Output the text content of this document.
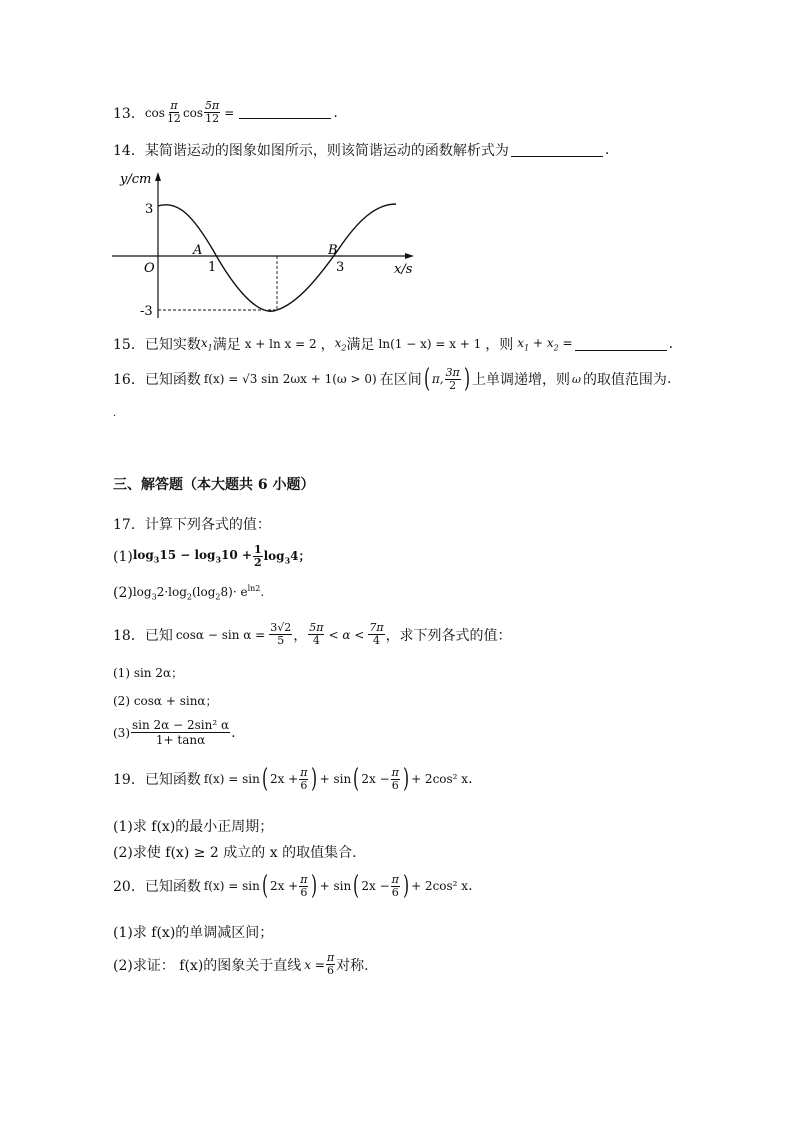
13． $\cos \frac{\pi}{12}$ $\cos \frac{5\pi}{12}$ =	.
14．某简谐运动的图象如图所示，则该简谐运动的函数解析式为	.
y/cm
x/s
O
3
-3
1	3
A	B
15．已知实数 $x_1$ 满足 x + ln x = 2 ， $x_2$ 满足 ln(1 − x) = x + 1 ，则 $x_1 + x_2$ =	.
16．已知函数 f(x) = √3 sin 2ωx + 1(ω > 0) 在区间 ( π, $\frac{3\pi}{2}$ ) 上单调递增，则 ω 的取值范围为 .
.
三、解答题（本大题共 6 小题）
17．计算下列各式的值：
(1) $\log_315 - \log_310 + \frac{1}{2} \log_34$；
(2) $\log_32\cdot\log_2(\log_28)\cdot e^{ln2}$.
18．已知 $\cos\alpha - \sin \alpha = \frac{3√2}{5}$ ， $\frac{5\pi}{4} < \alpha < \frac{7\pi}{4}$ ，求下列各式的值：
(1) sin 2α；
(2) cosα + sinα；
$(3) \frac{\text{sin 2α − 2sin² α}}{1+ \tan\alpha}$ .
19．已知函数 f(x) = sin ( $2x + \frac{\pi}{6}$ ) + sin ( $2x - \frac{\pi}{6}$ ) + 2cos² x .
(1)求 f(x)的最小正周期；
(2)求使 f(x) ≥ 2 成立的 x 的取值集合.
20．已知函数 f(x) = sin ( $2x + \frac{\pi}{6}$ ) + sin ( $2x - \frac{\pi}{6}$ ) + 2cos² x .
(1)求 f(x)的单调减区间；
(2)求证： f(x)的图象关于直线 $x = \frac{\pi}{6}$ 对称.
